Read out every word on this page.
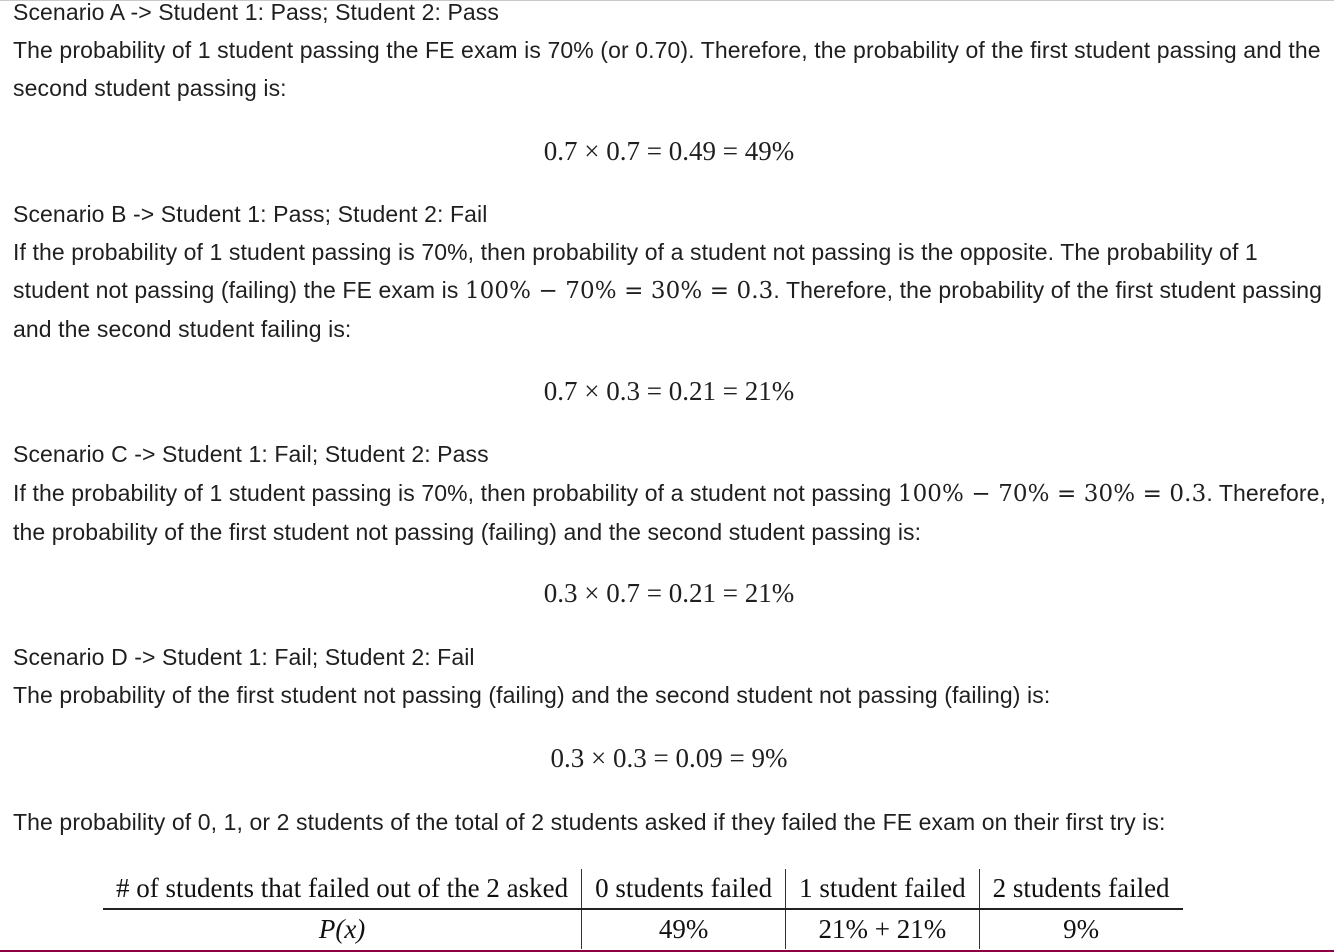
Scenario A -> Student 1: Pass; Student 2: Pass
The probability of 1 student passing the FE exam is 70% (or 0.70). Therefore, the probability of the first student passing and the second student passing is:
0.7 × 0.7 = 0.49 = 49%
Scenario B -> Student 1: Pass; Student 2: Fail
If the probability of 1 student passing is 70%, then probability of a student not passing is the opposite. The probability of 1 student not passing (failing) the FE exam is 100% − 70% = 30% = 0.3. Therefore, the probability of the first student passing and the second student failing is:
0.7 × 0.3 = 0.21 = 21%
Scenario C -> Student 1: Fail; Student 2: Pass
If the probability of 1 student passing is 70%, then probability of a student not passing 100% − 70% = 30% = 0.3. Therefore, the probability of the first student not passing (failing) and the second student passing is:
0.3 × 0.7 = 0.21 = 21%
Scenario D -> Student 1: Fail; Student 2: Fail
The probability of the first student not passing (failing) and the second student not passing (failing) is:
0.3 × 0.3 = 0.09 = 9%
The probability of 0, 1, or 2 students of the total of 2 students asked if they failed the FE exam on their first try is:
# of students that failed out of the 2 asked	0 students failed	1 student failed	2 students failed
P(x)	49%	21% + 21%	9%
